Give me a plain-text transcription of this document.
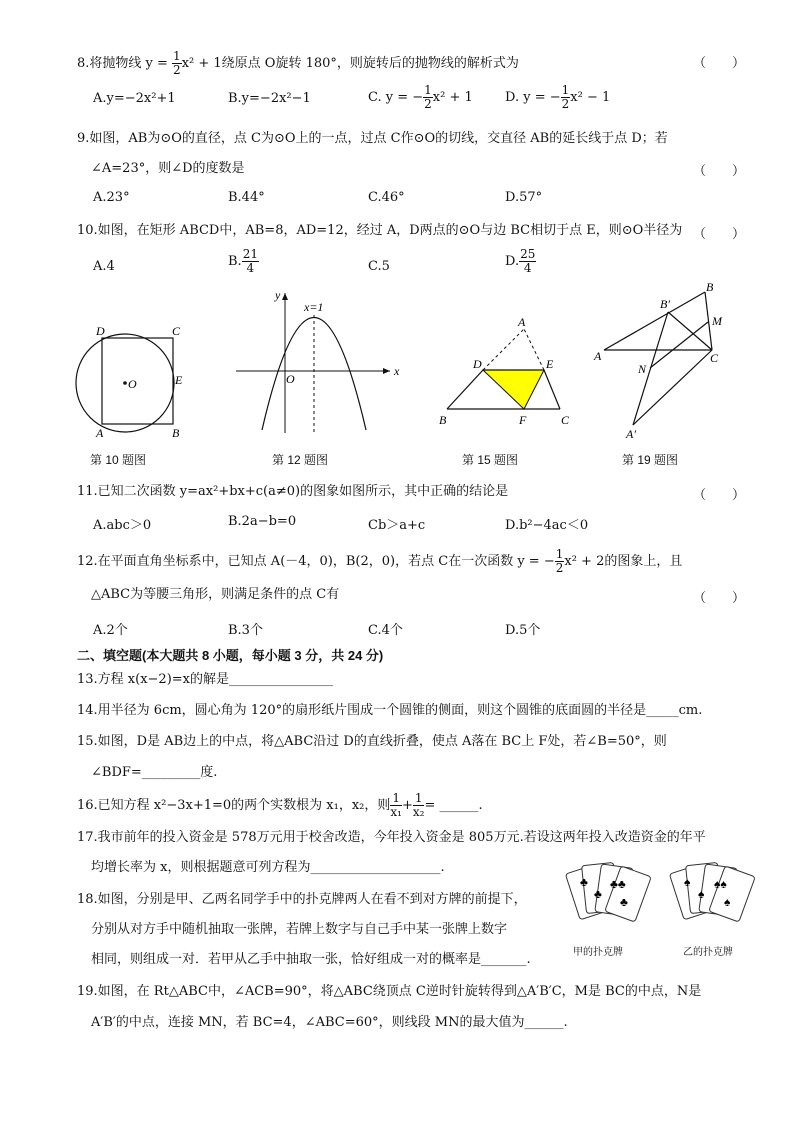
8.将抛物线 $y = \frac{1}{2} x^2 + 1$绕原点 O旋转 180°，则旋转后的抛物线的解析式为	（　　）
A.y=−2x²+1	B.y=−2x²−1	C. y = − $\frac{1}{2} x^2 + 1$ D. y = − $\frac{1}{2} x^2 - 1$
9.如图，AB为⊙O的直径，点 C为⊙O上的一点，过点 C作⊙O的切线，交直径 AB的延长线于点 D；若
∠A=23°，则∠D的度数是	（　　）
A.23°	B.44°	C.46°	D.57°
10.如图，在矩形 ABCD中，AB=8，AD=12，经过 A，D两点的⊙O与边 BC相切于点 E，则⊙O半径为 （　　）
A.4	B. $\frac{21}{4}$	C.5	D. $\frac{25}{4}$
D	C
A	B
E
O
第 10 题图
x
y
O
x=1
第 12 题图
A
D	E
B	F	C
第 15 题图
B
B′
M
A	C
N
A′
第 19 题图
11.已知二次函数 y=ax²+bx+c(a≠0)的图象如图所示，其中正确的结论是	（　　）
A.abc＞0	B.2a−b=0	Cb＞a+c	D.b²−4ac＜0
12.在平面直角坐标系中，已知点 A(－4，0)，B(2，0)，若点 C在一次函数 y = − $\frac{1}{2} x^2 + 2$的图象上，且
△ABC为等腰三角形，则满足条件的点 C有	（　　）
A.2个	B.3个	C.4个	D.5个
二、填空题(本大题共 8 小题，每小题 3 分，共 24 分)
13.方程 x(x−2)=x的解是________________
14.用半径为 6cm，圆心角为 120°的扇形纸片围成一个圆锥的侧面，则这个圆锥的底面圆的半径是_____cm.
15.如图，D是 AB边上的中点，将△ABC沿过 D的直线折叠，使点 A落在 BC上 F处，若∠B=50°，则
∠BDF=_________度.
16.已知方程 x²−3x+1=0的两个实数根为 x₁，x₂，则 $\frac{1}{\text{x₁}} + \frac{1}{\text{x₂}}$ = ______.
17.我市前年的投入资金是 578万元用于校舍改造，今年投入资金是 805万元.若设这两年投入改造资金的年平
均增长率为 x，则根据题意可列方程为____________________.
18.如图，分别是甲、乙两名同学手中的扑克牌两人在看不到对方牌的前提下，
分别从对方手中随机抽取一张牌，若牌上数字与自己手中某一张牌上数字
相同，则组成一对．若甲从乙手中抽取一张，恰好组成一对的概率是_______.
♣
♣
♣♣
♣
♠
♠
♠♠
♠
甲的扑克牌	乙的扑克牌
19.如图，在 Rt△ABC中，∠ACB=90°，将△ABC绕顶点 C逆时针旋转得到△A′B′C，M是 BC的中点，N是
A′B′的中点，连接 MN，若 BC=4，∠ABC=60°，则线段 MN的最大值为______.
